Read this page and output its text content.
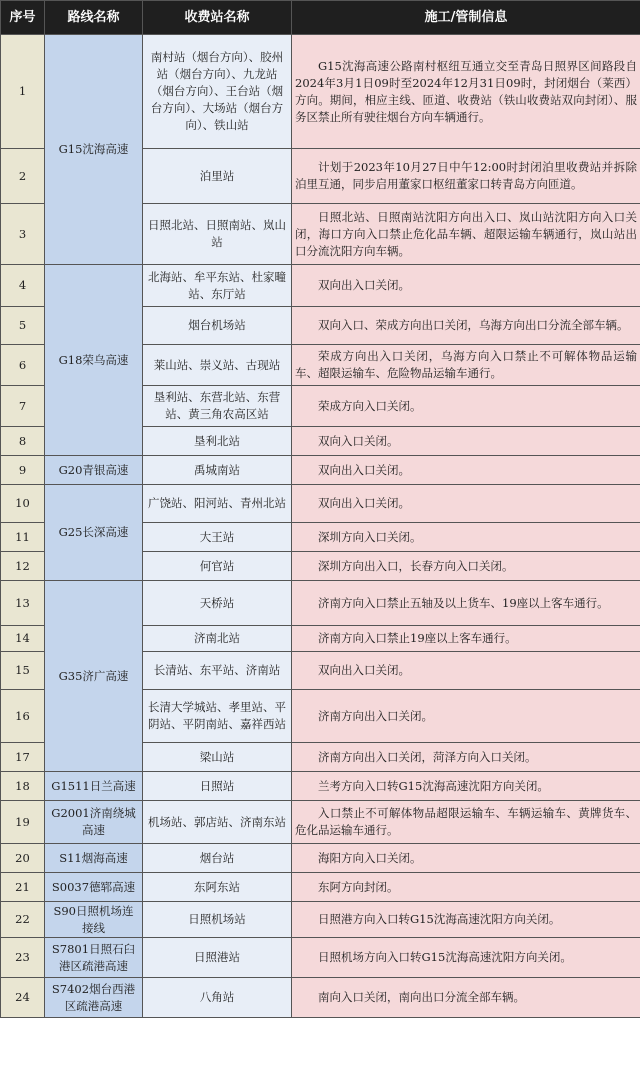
序号	路线名称	收费站名称	施工/管制信息
1	G15沈海高速	南村站（烟台方向）、胶州站（烟台方向）、九龙站（烟台方向）、王台站（烟台方向）、大场站（烟台方向）、铁山站	G15沈海高速公路南村枢纽互通立交至青岛日照界区间路段自2024年3月1日09时至2024年12月31日09时，封闭烟台（莱西）方向。期间，相应主线、匝道、收费站（铁山收费站双向封闭）、服务区禁止所有驶往烟台方向车辆通行。

2		泊里站	计划于2023年10月27日中午12:00时封闭泊里收费站并拆除泊里互通，同步启用董家口枢纽董家口转青岛方向匝道。

3		日照北站、日照南站、岚山站	日照北站、日照南站沈阳方向出入口、岚山站沈阳方向入口关闭，海口方向入口禁止危化品车辆、超限运输车辆通行，岚山站出口分流沈阳方向车辆。

4	G18荣乌高速	北海站、牟平东站、杜家疃站、东厅站	双向出入口关闭。

5		烟台机场站	双向入口、荣成方向出口关闭，乌海方向出口分流全部车辆。

6		莱山站、崇义站、古现站	荣成方向出入口关闭，乌海方向入口禁止不可解体物品运输车、超限运输车、危险物品运输车通行。

7		垦利站、东营北站、东营站、黄三角农高区站	荣成方向入口关闭。

8		垦利北站	双向入口关闭。

9	G20青银高速	禹城南站	双向出入口关闭。

10	G25长深高速	广饶站、阳河站、青州北站	双向出入口关闭。

11		大王站	深圳方向入口关闭。

12		何官站	深圳方向出入口，长春方向入口关闭。

13	G35济广高速	天桥站	济南方向入口禁止五轴及以上货车、19座以上客车通行。

14		济南北站	济南方向入口禁止19座以上客车通行。

15		长清站、东平站、济南站	双向出入口关闭。

16		长清大学城站、孝里站、平阴站、平阴南站、嘉祥西站	济南方向出入口关闭。

17		梁山站	济南方向出入口关闭，菏泽方向入口关闭。

18	G1511日兰高速	日照站	兰考方向入口转G15沈海高速沈阳方向关闭。

19	G2001济南绕城高速	机场站、郭店站、济南东站	入口禁止不可解体物品超限运输车、车辆运输车、黄牌货车、危化品运输车通行。

20	S11烟海高速	烟台站	海阳方向入口关闭。

21	S0037德郓高速	东阿东站	东阿方向封闭。

22	S90日照机场连接线	日照机场站	日照港方向入口转G15沈海高速沈阳方向关闭。

23	S7801日照石臼港区疏港高速	日照港站	日照机场方向入口转G15沈海高速沈阳方向关闭。

24	S7402烟台西港区疏港高速	八角站	南向入口关闭，南向出口分流全部车辆。
